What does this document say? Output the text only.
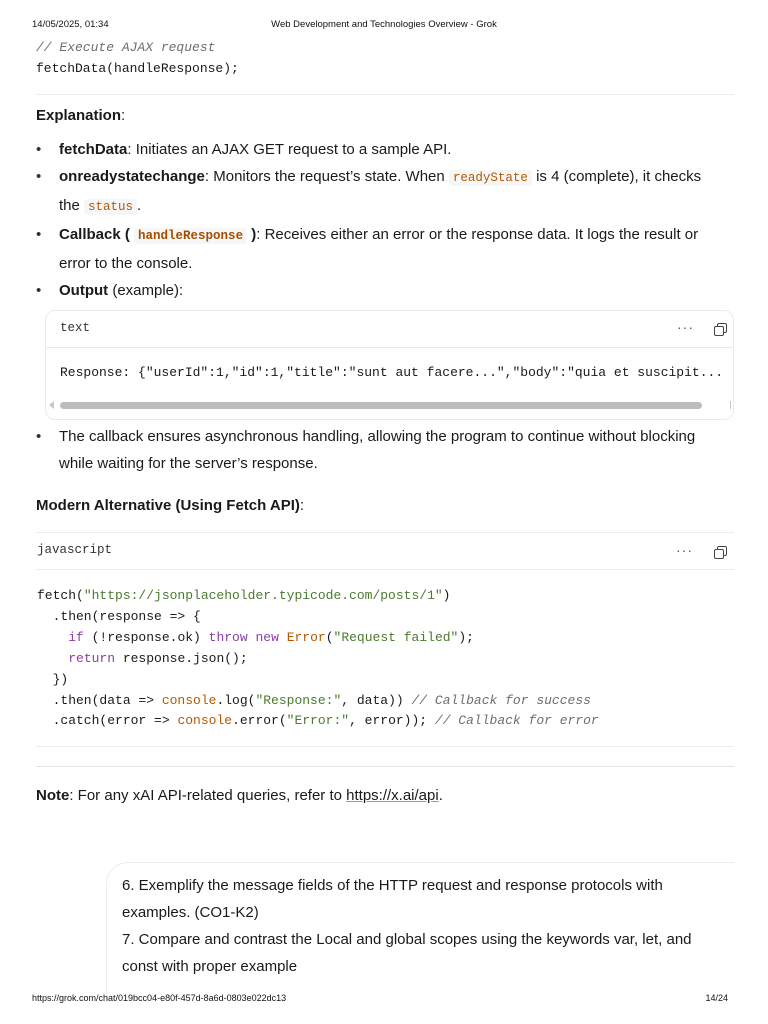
14/05/2025, 01:34	Web Development and Technologies Overview - Grok
// Execute AJAX request
fetchData(handleResponse);
Explanation:
• fetchData: Initiates an AJAX GET request to a sample API.
• onreadystatechange: Monitors the request’s state. When readyState is 4 (complete), it checks the status .
• Callback ( handleResponse ): Receives either an error or the response data. It logs the result or error to the console.
• Output (example):
text	···
Response: {"userId":1,"id":1,"title":"sunt aut facere...","body":"quia et suscipit...
• The callback ensures asynchronous handling, allowing the program to continue without blocking while waiting for the server’s response.
Modern Alternative (Using Fetch API):
javascript	···
fetch("https://jsonplaceholder.typicode.com/posts/1")
.then(response => {
if (!response.ok) throw new Error("Request failed");
return response.json();
})
.then(data => console.log("Response:", data)) // Callback for success
.catch(error => console.error("Error:", error)); // Callback for error
Note: For any xAI API-related queries, refer to https://x.ai/api.
6. Exemplify the message fields of the HTTP request and response protocols with
examples. (CO1-K2)
7. Compare and contrast the Local and global scopes using the keywords var, let, and
const with proper example
https://grok.com/chat/019bcc04-e80f-457d-8a6d-0803e022dc13	14/24
